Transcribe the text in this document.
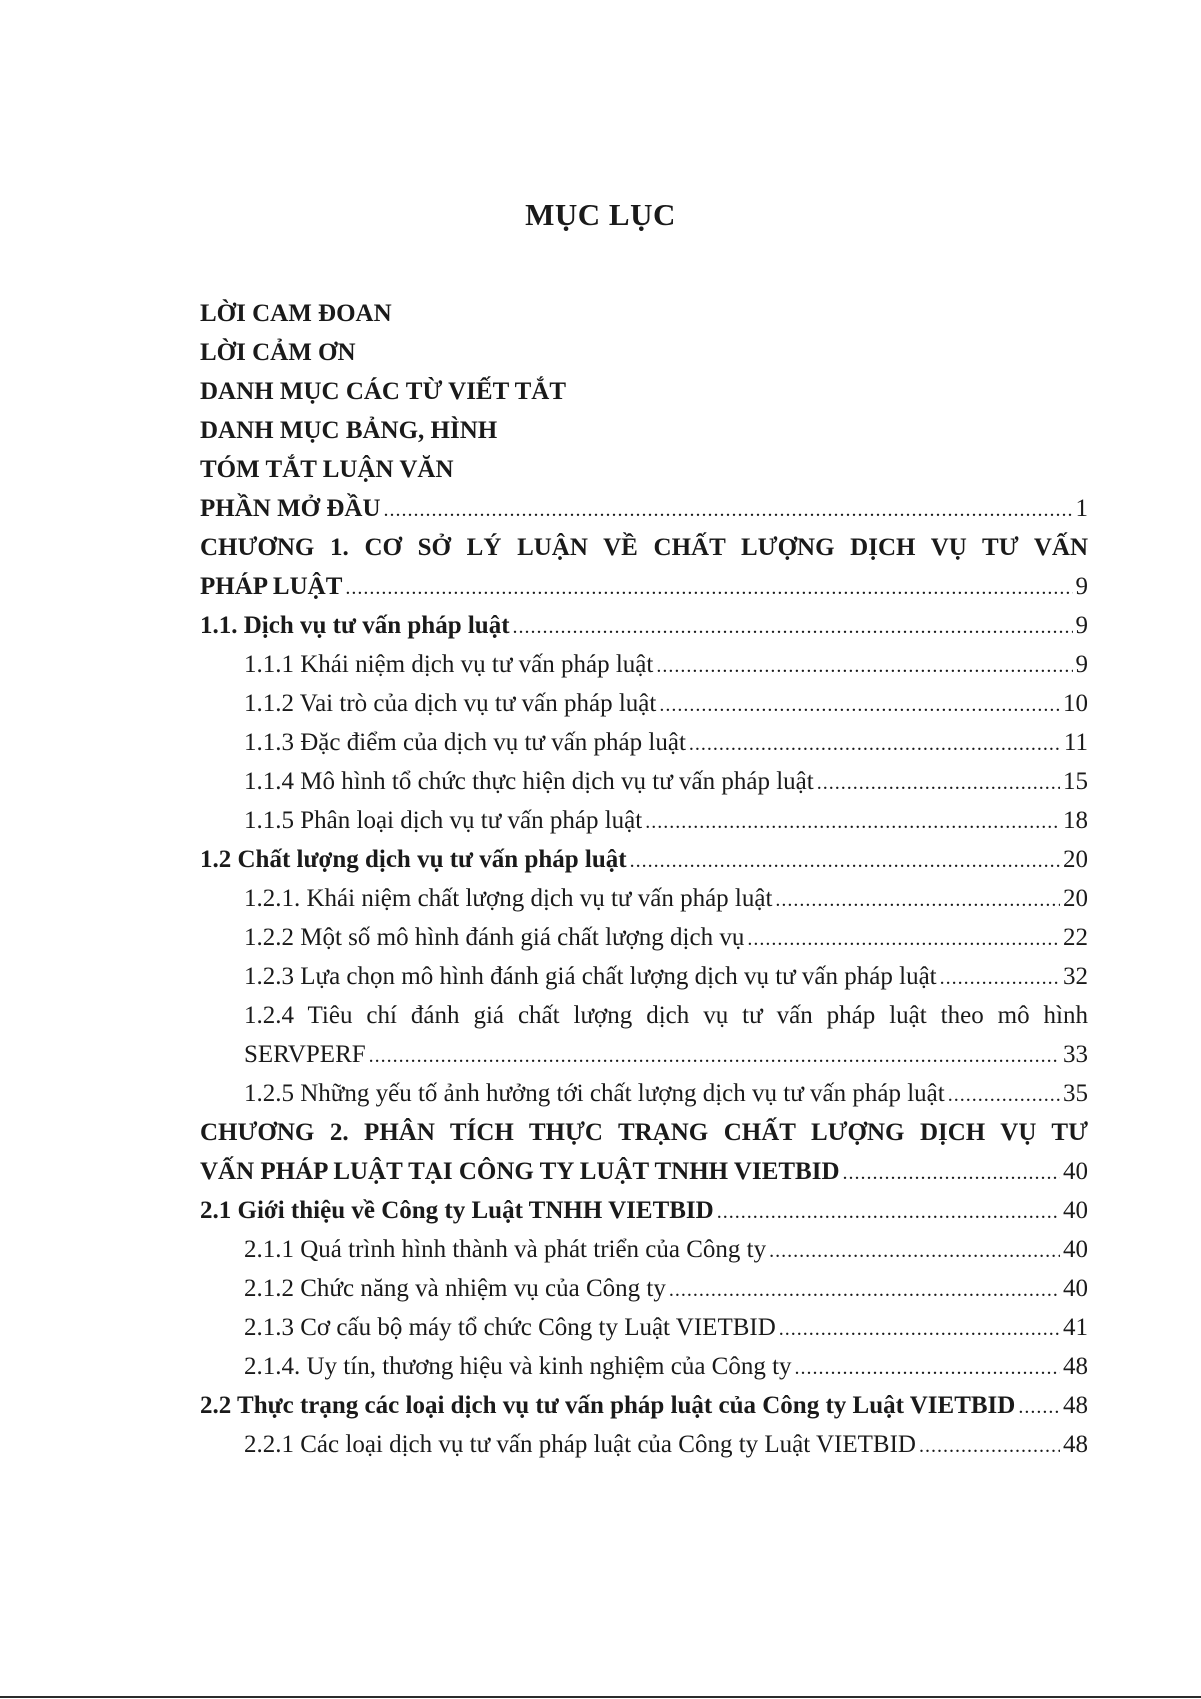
MỤC LỤC
LỜI CAM ĐOAN
LỜI CẢM ƠN
DANH MỤC CÁC TỪ VIẾT TẮT
DANH MỤC BẢNG, HÌNH
TÓM TẮT LUẬN VĂN
PHẦN MỞ ĐẦU .....	1
CHƯƠNG 1. CƠ SỞ LÝ LUẬN VỀ CHẤT LƯỢNG DỊCH VỤ TƯ VẤN
PHÁP LUẬT .....	9
1.1. Dịch vụ tư vấn pháp luật .....	9
1.1.1 Khái niệm dịch vụ tư vấn pháp luật .....	9
1.1.2 Vai trò của dịch vụ tư vấn pháp luật .....	10
1.1.3 Đặc điểm của dịch vụ tư vấn pháp luật .....	11
1.1.4 Mô hình tổ chức thực hiện dịch vụ tư vấn pháp luật .....	15
1.1.5 Phân loại dịch vụ tư vấn pháp luật .....	18
1.2 Chất lượng dịch vụ tư vấn pháp luật .....	20
1.2.1. Khái niệm chất lượng dịch vụ tư vấn pháp luật .....	20
1.2.2 Một số mô hình đánh giá chất lượng dịch vụ .....	22
1.2.3 Lựa chọn mô hình đánh giá chất lượng dịch vụ tư vấn pháp luật .....	32
1.2.4 Tiêu chí đánh giá chất lượng dịch vụ tư vấn pháp luật theo mô hình
SERVPERF .....	33
1.2.5 Những yếu tố ảnh hưởng tới chất lượng dịch vụ tư vấn pháp luật .....	35
CHƯƠNG 2. PHÂN TÍCH THỰC TRẠNG CHẤT LƯỢNG DỊCH VỤ TƯ
VẤN PHÁP LUẬT TẠI CÔNG TY LUẬT TNHH VIETBID .....	40
2.1 Giới thiệu về Công ty Luật TNHH VIETBID .....	40
2.1.1 Quá trình hình thành và phát triển của Công ty .....	40
2.1.2 Chức năng và nhiệm vụ của Công ty .....	40
2.1.3 Cơ cấu bộ máy tổ chức Công ty Luật VIETBID .....	41
2.1.4. Uy tín, thương hiệu và kinh nghiệm của Công ty .....	48
2.2 Thực trạng các loại dịch vụ tư vấn pháp luật của Công ty Luật VIETBID ..... 48
2.2.1 Các loại dịch vụ tư vấn pháp luật của Công ty Luật VIETBID .....	48
